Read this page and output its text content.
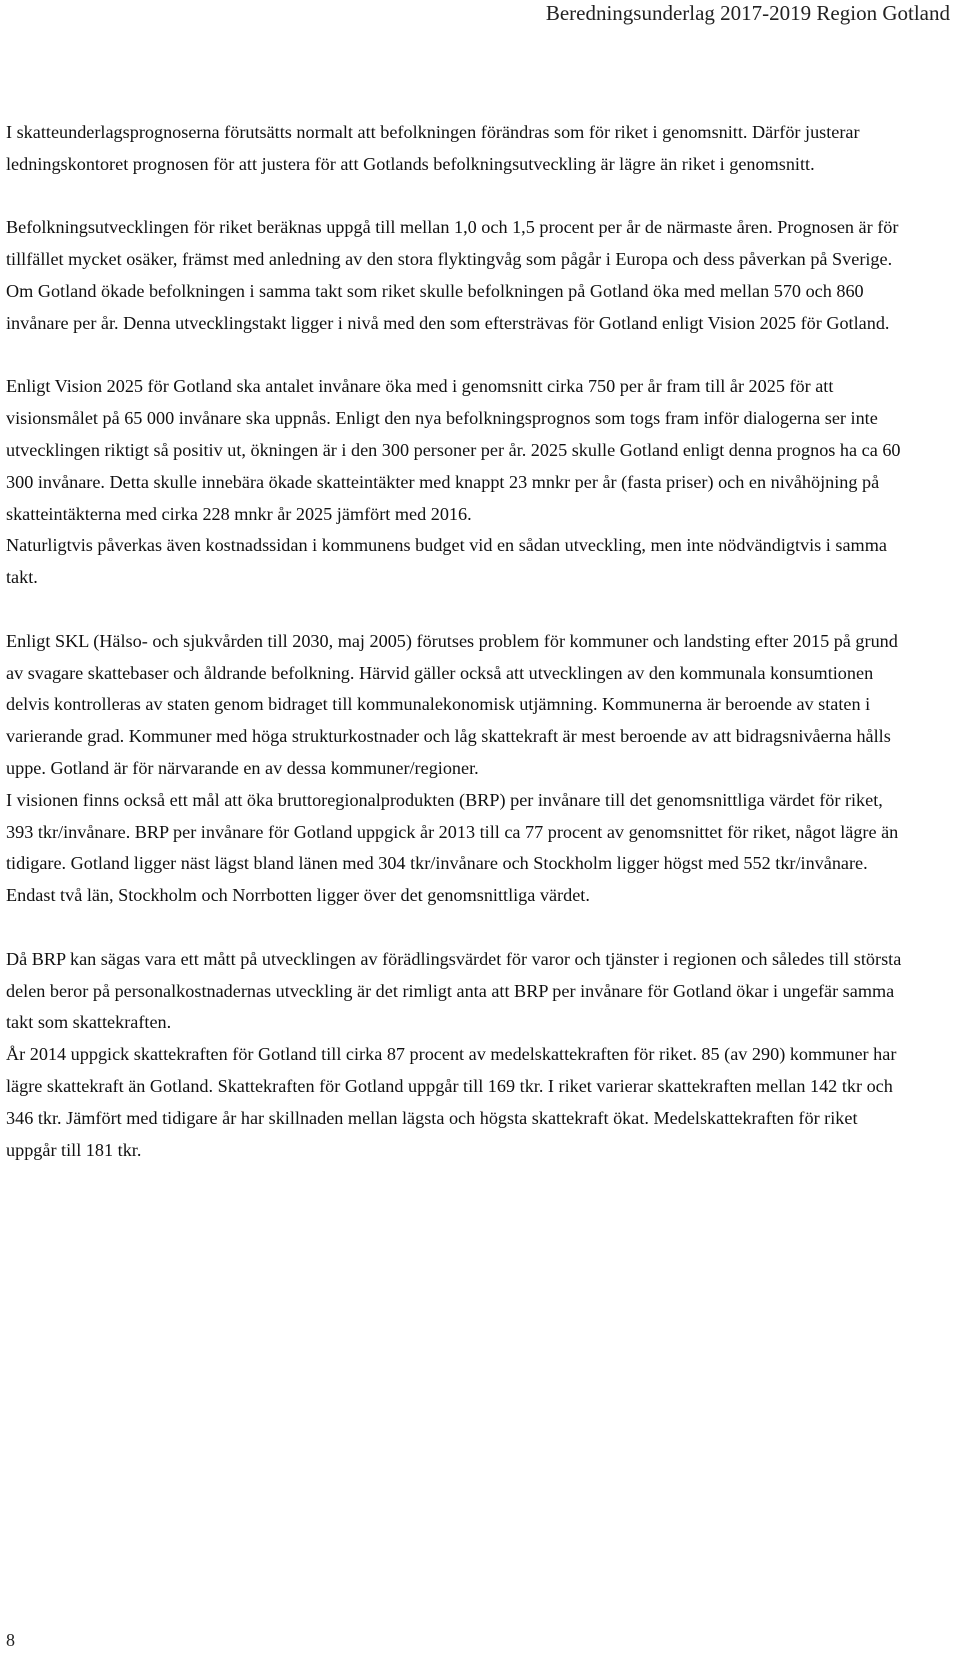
Beredningsunderlag 2017-2019 Region Gotland

I skatteunderlagsprognoserna förutsätts normalt att befolkningen förändras som för riket i genomsnitt. Därför justerar ledningskontoret prognosen för att justera för att Gotlands befolkningsutveckling är lägre än riket i genomsnitt.

Befolkningsutvecklingen för riket beräknas uppgå till mellan 1,0 och 1,5 procent per år de närmaste åren. Prognosen är för tillfället mycket osäker, främst med anledning av den stora flyktingvåg som pågår i Europa och dess påverkan på Sverige. Om Gotland ökade befolkningen i samma takt som riket skulle befolkningen på Gotland öka med mellan 570 och 860 invånare per år. Denna utvecklingstakt ligger i nivå med den som eftersträvas för Gotland enligt Vision 2025 för Gotland.

Enligt Vision 2025 för Gotland ska antalet invånare öka med i genomsnitt cirka 750 per år fram till år 2025 för att visionsmålet på 65 000 invånare ska uppnås. Enligt den nya befolkningsprognos som togs fram inför dialogerna ser inte utvecklingen riktigt så positiv ut, ökningen är i den 300 personer per år. 2025 skulle Gotland enligt denna prognos ha ca 60 300 invånare. Detta skulle innebära ökade skatteintäkter med knappt 23 mnkr per år (fasta priser) och en nivåhöjning på skatteintäkterna med cirka 228 mnkr år 2025 jämfört med 2016.

Naturligtvis påverkas även kostnadssidan i kommunens budget vid en sådan utveckling, men inte nödvändigtvis i samma takt.

Enligt SKL (Hälso- och sjukvården till 2030, maj 2005) förutses problem för kommuner och landsting efter 2015 på grund av svagare skattebaser och åldrande befolkning. Härvid gäller också att utvecklingen av den kommunala konsumtionen delvis kontrolleras av staten genom bidraget till kommunalekonomisk utjämning. Kommunerna är beroende av staten i varierande grad. Kommuner med höga strukturkostnader och låg skattekraft är mest beroende av att bidragsnivåerna hålls uppe. Gotland är för närvarande en av dessa kommuner/regioner.

I visionen finns också ett mål att öka bruttoregionalprodukten (BRP) per invånare till det genomsnittliga värdet för riket, 393 tkr/invånare. BRP per invånare för Gotland uppgick år 2013 till ca 77 procent av genomsnittet för riket, något lägre än tidigare. Gotland ligger näst lägst bland länen med 304 tkr/invånare och Stockholm ligger högst med 552 tkr/invånare. Endast två län, Stockholm och Norrbotten ligger över det genomsnittliga värdet.

Då BRP kan sägas vara ett mått på utvecklingen av förädlingsvärdet för varor och tjänster i regionen och således till största delen beror på personalkostnadernas utveckling är det rimligt anta att BRP per invånare för Gotland ökar i ungefär samma takt som skattekraften.

År 2014 uppgick skattekraften för Gotland till cirka 87 procent av medelskattekraften för riket. 85 (av 290) kommuner har lägre skattekraft än Gotland. Skattekraften för Gotland uppgår till 169 tkr. I riket varierar skattekraften mellan 142 tkr och 346 tkr. Jämfört med tidigare år har skillnaden mellan lägsta och högsta skattekraft ökat. Medelskattekraften för riket uppgår till 181 tkr.

8
